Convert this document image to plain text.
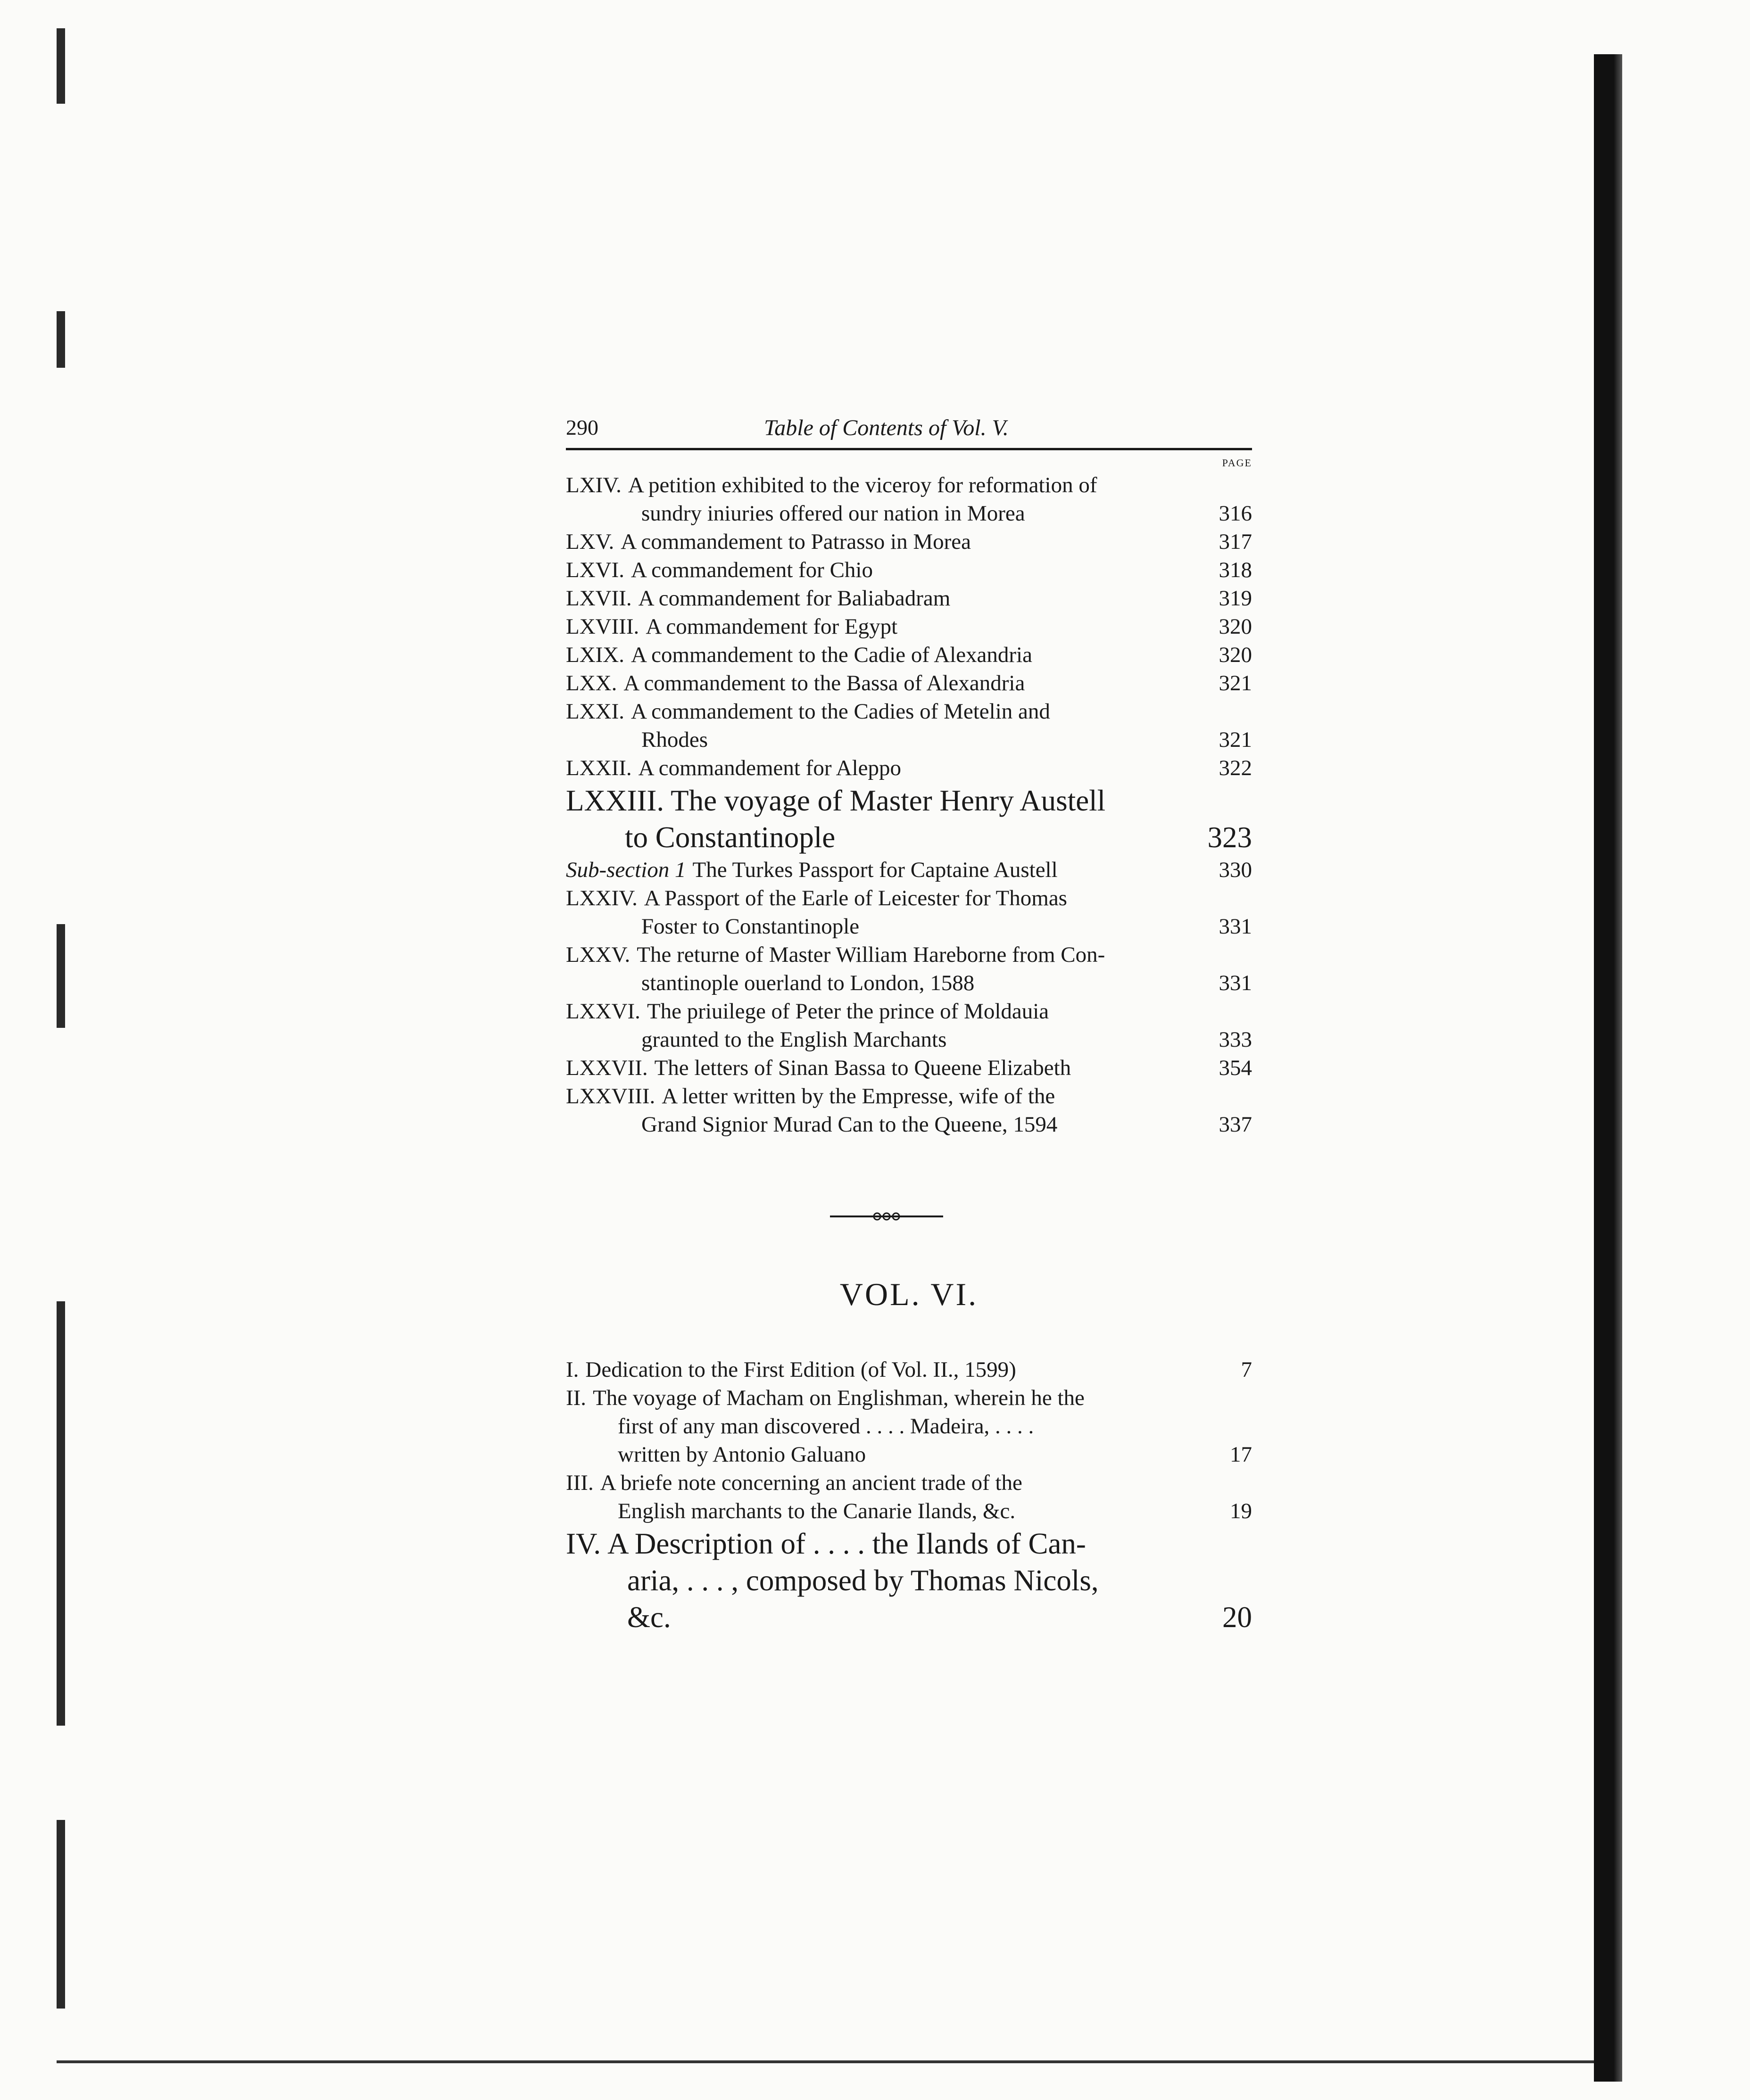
290	Table of Contents of Vol. V.
PAGE
LXIV. A petition exhibited to the viceroy for reformation of
sundry iniuries offered our nation in Morea	316
LXV. A commandement to Patrasso in Morea	317
LXVI. A commandement for Chio	318
LXVII. A commandement for Baliabadram	319
LXVIII. A commandement for Egypt	320
LXIX. A commandement to the Cadie of Alexandria	320
LXX. A commandement to the Bassa of Alexandria	321
LXXI. A commandement to the Cadies of Metelin and
Rhodes	321
LXXII. A commandement for Aleppo	322
LXXIII. The voyage of Master Henry Austell
to Constantinople	323
Sub-section 1 The Turkes Passport for Captaine Austell	330
LXXIV. A Passport of the Earle of Leicester for Thomas
Foster to Constantinople	331
LXXV. The returne of Master William Hareborne from Con-
stantinople ouerland to London, 1588	331
LXXVI. The priuilege of Peter the prince of Moldauia
graunted to the English Marchants	333
LXXVII. The letters of Sinan Bassa to Queene Elizabeth	354
LXXVIII. A letter written by the Empresse, wife of the
Grand Signior Murad Can to the Queene, 1594	337
VOL. VI.
I. Dedication to the First Edition (of Vol. II., 1599)	7
II. The voyage of Macham on Englishman, wherein he the
first of any man discovered . . . . Madeira, . . . .
written by Antonio Galuano	17
III. A briefe note concerning an ancient trade of the
English marchants to the Canarie Ilands, &c.	19
IV. A Description of . . . . the Ilands of Can-
aria, . . . , composed by Thomas Nicols,
&c.	20
